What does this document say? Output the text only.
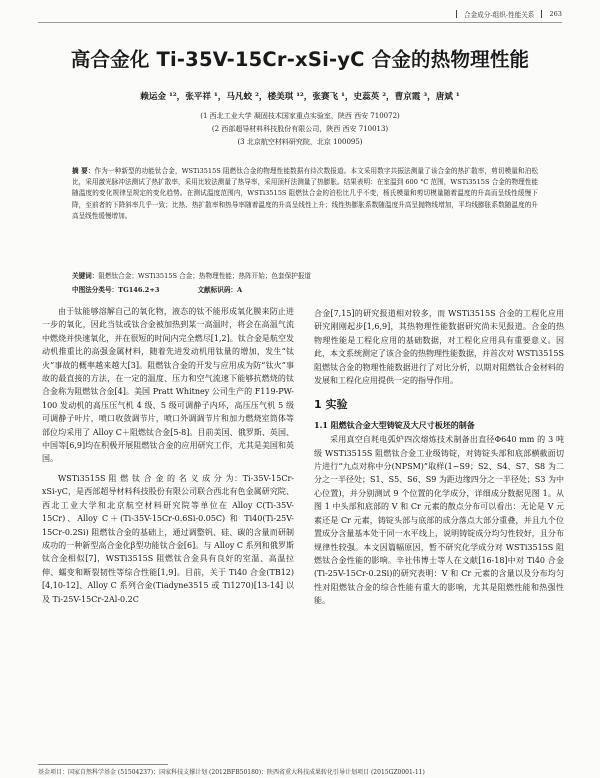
合金成分-组织-性能关系 263
高合金化 Ti-35V-15Cr-xSi-yC 合金的热物理性能
赖运金 ¹²，张平祥 ¹，马凡蛟 ²，楼美琪 ¹²，张赛飞 ¹，史蕊英 ²，曹京霞 ³，唐斌 ¹
(1 西北工业大学 凝固技术国家重点实验室，陕西 西安 710072)
(2 西部超导材料科技股份有限公司，陕西 西安 710013)
(3 北京航空材料研究院，北京 100095)
摘 要：作为一种新型的功能钛合金，WSTi3515S 阻燃钛合金的物理性能数据有待次数报道。本文采用数字共振法测量了该合金的热扩散率，剪切模量和泊松比，采用激光脉冲法测试了热扩散率，采用比较法测量了热导率，采用顶杆法测量了热膨胀。结果表明：在室温到 600 °C 范围，WSTi3515S 合金的物理性能随温度的变化规律呈规定的变化趋势。在测试温度范围内，WSTi3515S 阻燃钛合金的泊松比几乎不变，杨氏模量和剪切模量随着温度的升高而呈线性缓慢下降，至前者的下降斜率几乎一致；比热、热扩散率和热导率随着温度的升高呈线性上升；线性热膨胀系数随温度升高呈抛物线增加，平均线膨胀系数随温度的升高呈线性缓慢增加。
关键词：阻燃钛合金；WSTi3515S 合金；热物理性能；热阵开始；色套保护报道
中图法分类号：TG146.2+3	文献标识码：A

由于钛能够溶解自己的氧化物，液态的钛不能形成氧化膜来防止进一步的氧化，因此当钛或钛合金被加热到某一高温时，将会在高温气流中燃烧并快速氧化，并在很短的时间内完全燃尽[1,2]。钛合金是航空发动机推重比的高强金属材料，随着先进发动机用钛量的增加，发生“钛火”事故的概率越来越大[3]。阻燃钛合金的开发与应用成为防“钛火”事故的最直接的方法，在一定的温度、压力和空气流速下能够抗燃烧的钛合金称为阻燃钛合金[4]。美国 Pratt Whitney 公司生产的 F119-PW-100 发动机的高压压气机 4 级、5 级可调静子内环，高压压气机 5 级可调静子叶片，喷口收敛调节片，喷口外调调节片和加力燃烧室筒体等部位均采用了 Alloy C＋阻燃钛合金[5-8]。目前美国、俄罗斯、英国、中国等[6,9]均在积极开展阻燃钛合金的应用研究工作，尤其是美国和英国。

WSTi3515S 阻 燃 钛 合 金 的 名 义 成 分 为：Ti-35V-15Cr-xSi-yC，是西部超导材料科技股份有限公司联合西北有色金属研究院、西北工业大学和北京航空材料研究院等单位在 Alloy C(Ti-35V-15Cr)、Alloy C＋(Ti-35V-15Cr-0.6Si-0.05C) 和 Ti40(Ti-25V-15Cr-0.2Si) 阻燃钛合金的基础上，通过调整钒、硅、碳的含量而研制成功的一种新型高合金化β型功能钛合金[6]。与 Alloy C 系列和俄罗斯钛合金相似[7]，WSTi3515S 阻燃钛合金具有良好的室温、高温拉伸、蠕变和断裂韧性等综合性能[1,9]。目前，关于 Ti40 合金(TB12)[4,10-12]、Alloy C 系列合金(Tiadyne3515 或 Ti1270)[13-14] 以 及 Ti-25V-15Cr-2Al-0.2C

合金[7,15]的研究报道相对较多，而 WSTi3515S 合金的工程化应用研究刚刚起步[1,6,9]，其热物理性能数据研究尚未见报道。合金的热物理性能是工程化应用的基础数据，对工程化应用具有重要意义。因此，本文系统测定了该合金的热物理性能数据，并首次对 WSTi3515S 阻燃钛合金的物理性能数据进行了对比分析，以期对阻燃钛合金材料的发展和工程化应用提供一定的指导作用。

1 实验
1.1 阻燃钛合金大型铸锭及大尺寸板坯的制备

采用真空自耗电弧炉四次熔炼技术制备出直径Φ640 mm 的 3 吨级 WSTi3515S 阻燃钛合金工业级铸锭，对铸锭头部和底部横截面切片进行“九点对称中分(NPSM)”取样(1~S9；S2、S4、S7、S8 为二分之一半径处；S1、S5、S6、S9 为距边缘四分之一半径处；S3 为中心位置)，并分别测试 9 个位置的化学成分，详细成分数据见图 1。从图 1 中头部和底部的 V 和 Cr 元素的散点分布可以看出：无论是 V 元素还是 Cr 元素，铸锭头部与底部的成分落点大部分重叠，并且九个位置成分含量基本处于同一水平线上，说明铸锭成分均匀性较好，且分布规律性较强。本文因篇幅原因，暂不研究化学成分对 WSTi3515S 阻燃钛合金性能的影响。辛社伟博士等人在文献[16-18]中对 Ti40 合金(Ti-25V-15Cr-0.2Si)的研究表明：V 和 Cr 元素的含量以及分布均匀性对阻燃钛合金的综合性能有重大的影响，尤其是阻燃性能和热强性能。

基金项目：国家自然科学基金 (51504237)；国家科技支撑计划 (2012BFB50180)；陕西省重大科技成果转化引导计划项目 (2015GZ0001-11)
